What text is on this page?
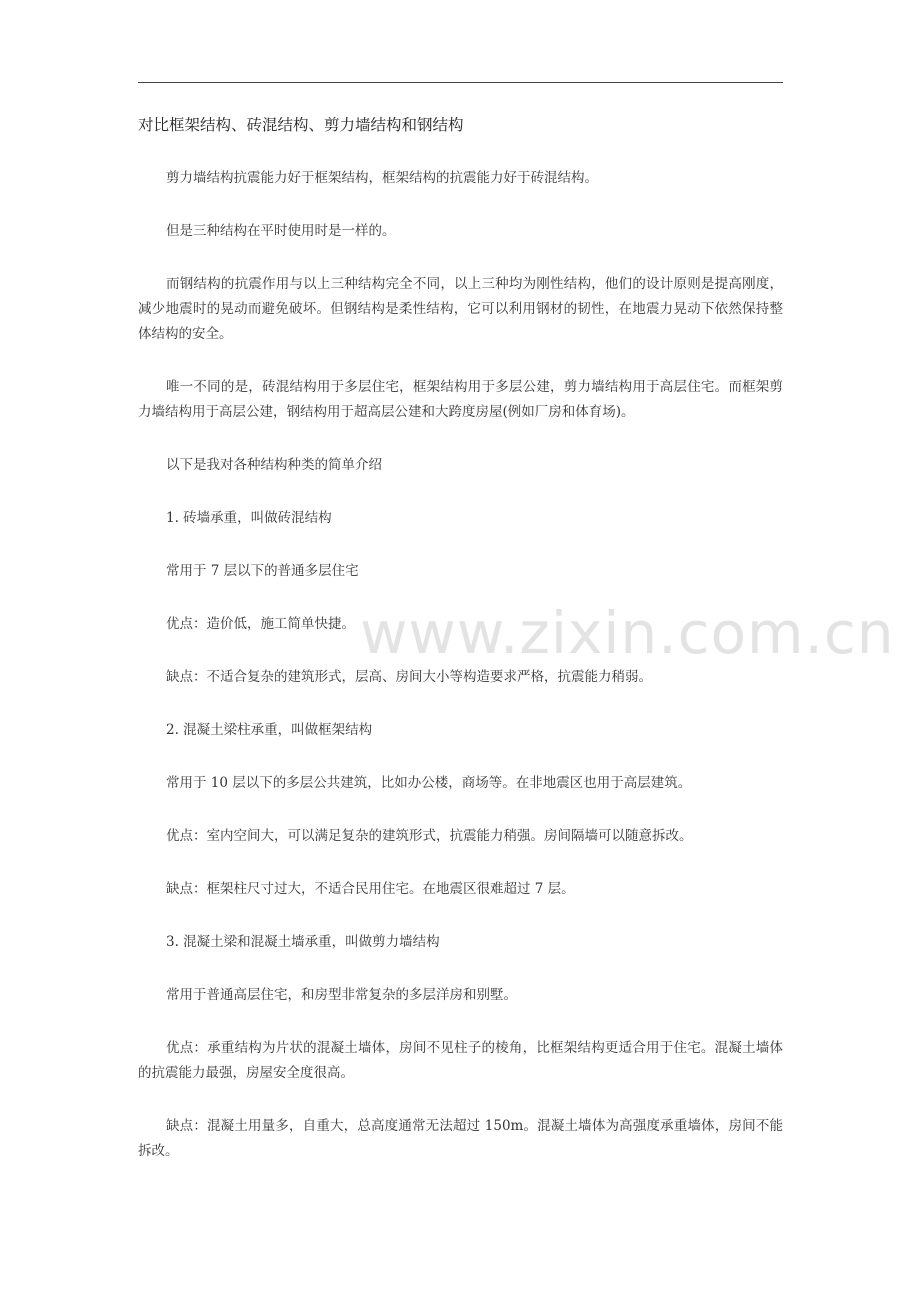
对比框架结构、砖混结构、剪力墙结构和钢结构

剪力墙结构抗震能力好于框架结构，框架结构的抗震能力好于砖混结构。

但是三种结构在平时使用时是一样的。

而钢结构的抗震作用与以上三种结构完全不同，以上三种均为刚性结构，他们的设计原则是提高刚度，减少地震时的晃动而避免破坏。但钢结构是柔性结构，它可以利用钢材的韧性，在地震力晃动下依然保持整体结构的安全。

唯一不同的是，砖混结构用于多层住宅，框架结构用于多层公建，剪力墙结构用于高层住宅。而框架剪力墙结构用于高层公建，钢结构用于超高层公建和大跨度房屋(例如厂房和体育场)。

以下是我对各种结构种类的简单介绍

1. 砖墙承重，叫做砖混结构

常用于 7 层以下的普通多层住宅

优点：造价低，施工简单快捷。

缺点：不适合复杂的建筑形式，层高、房间大小等构造要求严格，抗震能力稍弱。

2. 混凝土梁柱承重，叫做框架结构

常用于 10 层以下的多层公共建筑，比如办公楼，商场等。在非地震区也用于高层建筑。

优点：室内空间大，可以满足复杂的建筑形式，抗震能力稍强。房间隔墙可以随意拆改。

缺点：框架柱尺寸过大，不适合民用住宅。在地震区很难超过 7 层。

3. 混凝土梁和混凝土墙承重，叫做剪力墙结构

常用于普通高层住宅，和房型非常复杂的多层洋房和别墅。

优点：承重结构为片状的混凝土墙体，房间不见柱子的棱角，比框架结构更适合用于住宅。混凝土墙体的抗震能力最强，房屋安全度很高。

缺点：混凝土用量多，自重大，总高度通常无法超过 150m。混凝土墙体为高强度承重墙体，房间不能拆改。

www.zixin.com.cn
